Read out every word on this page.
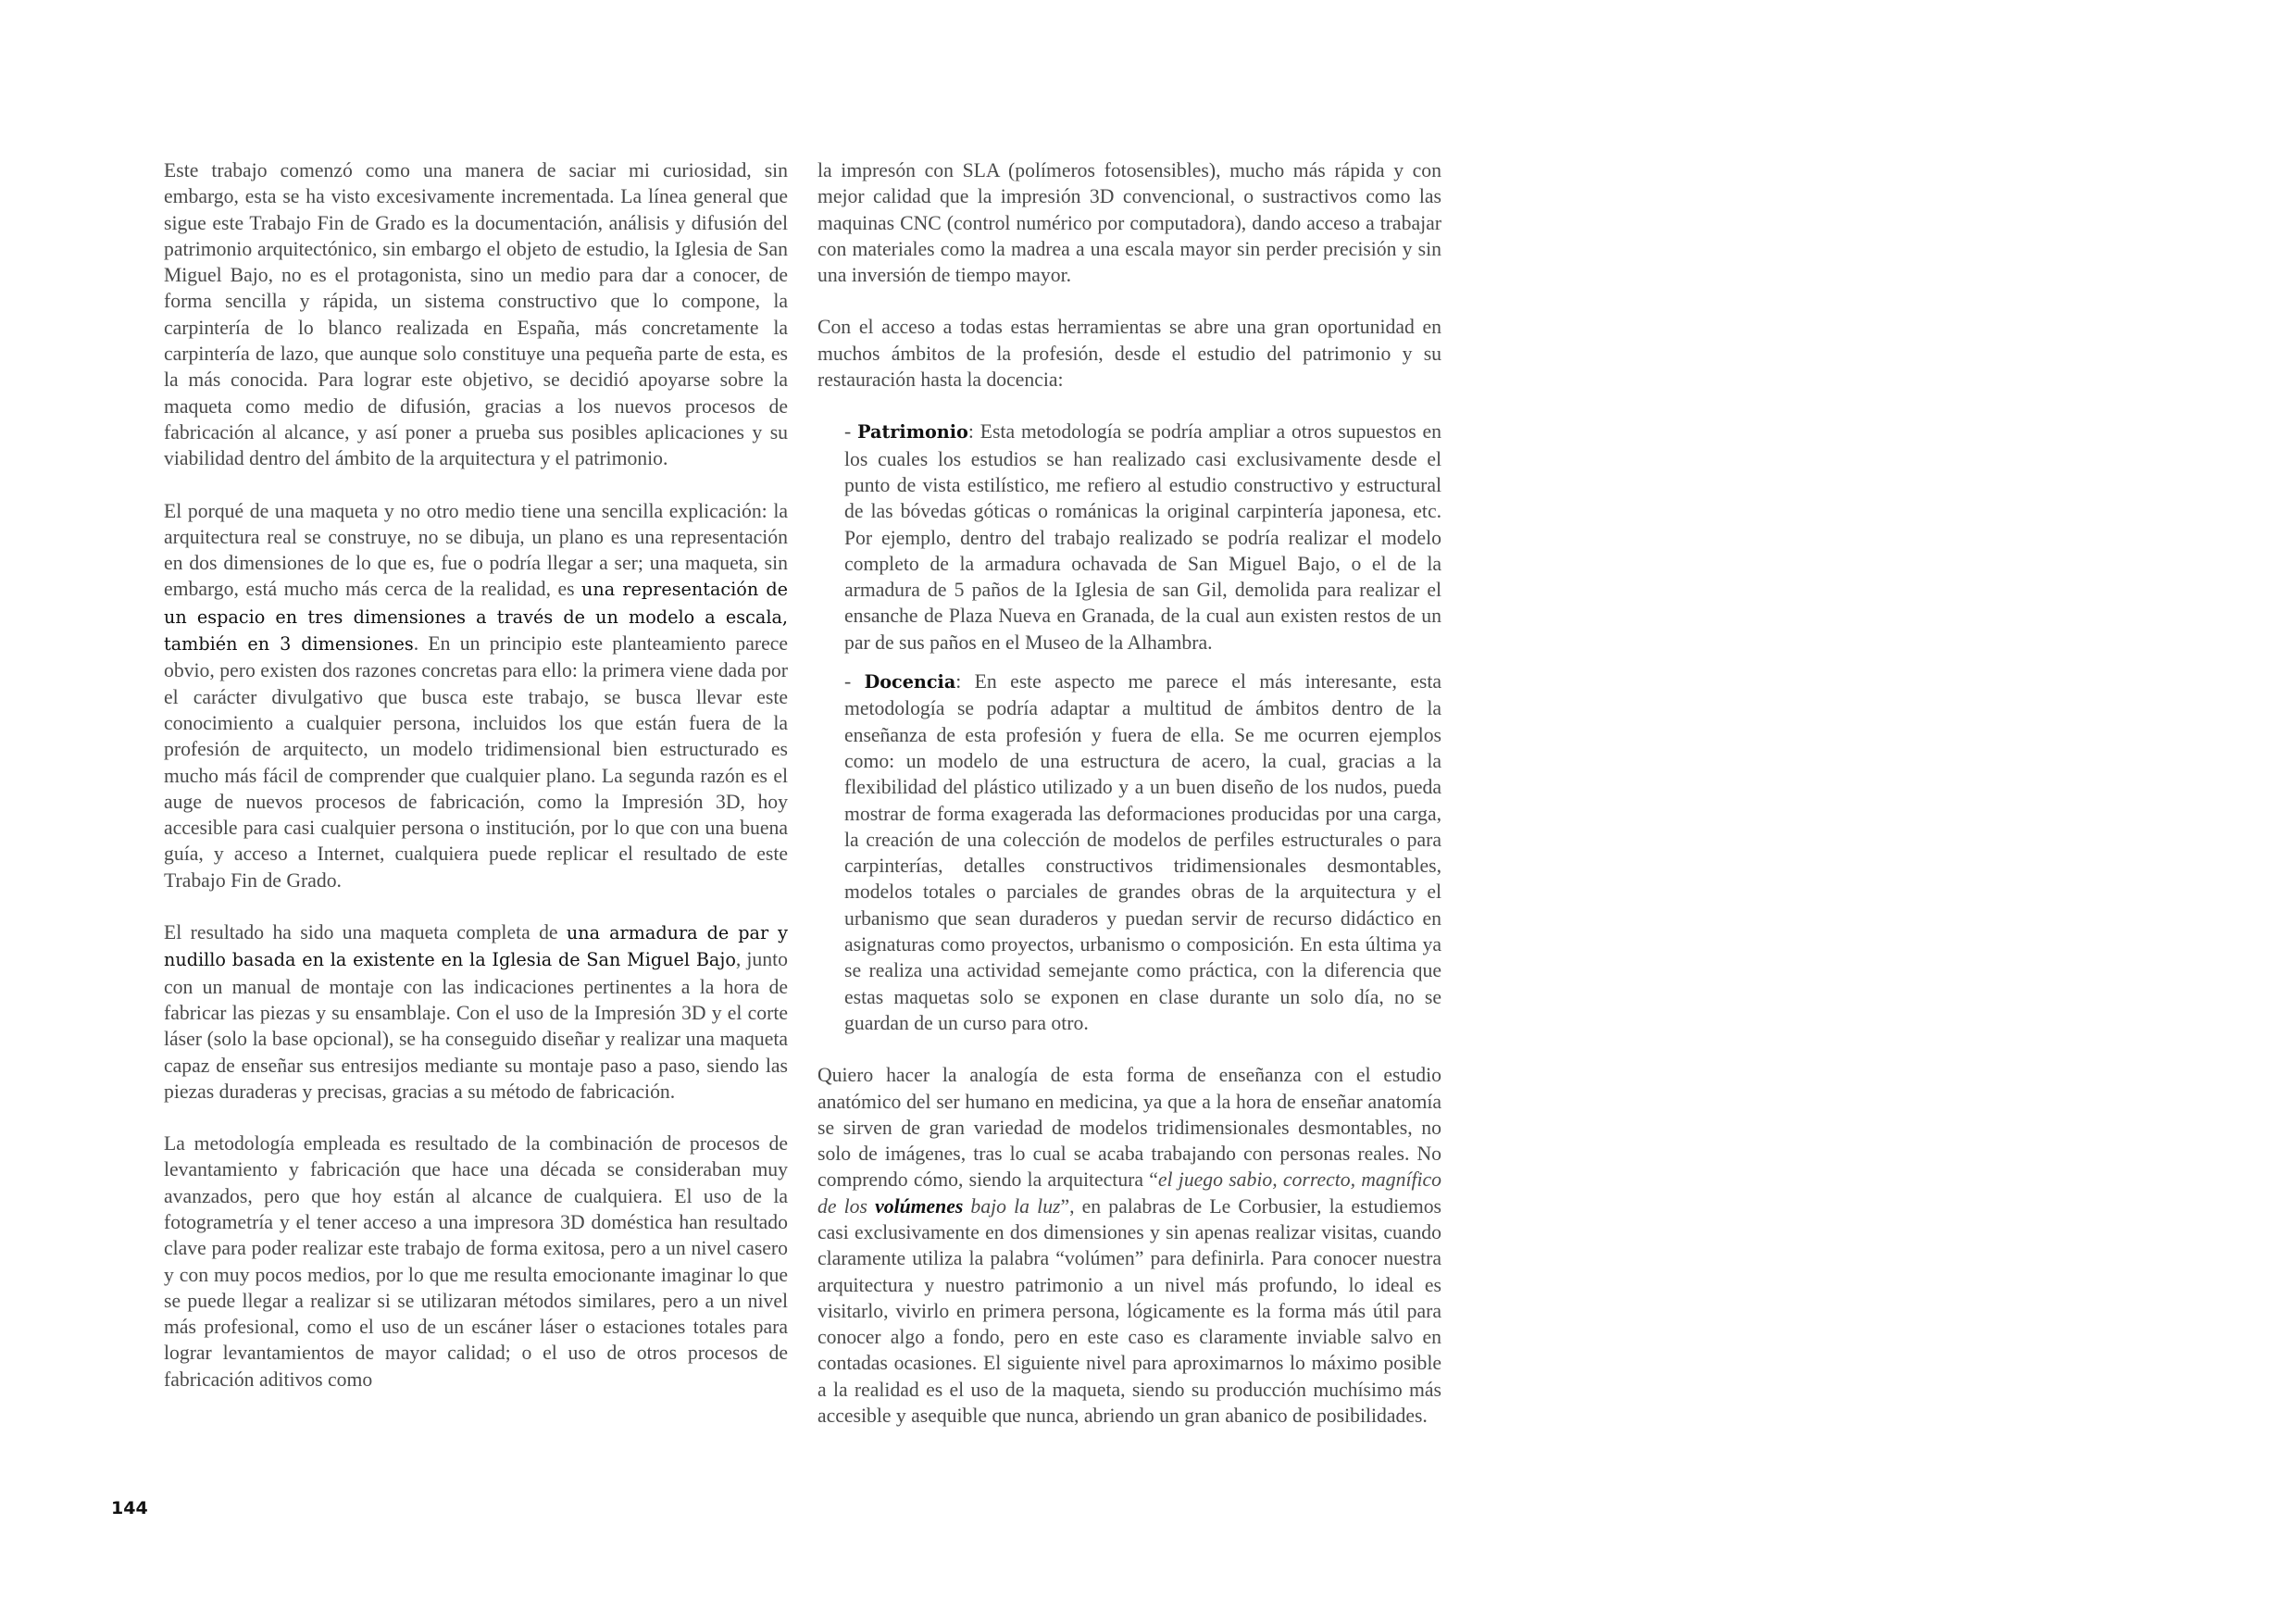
Este trabajo comenzó como una manera de saciar mi curiosidad, sin embargo, esta se ha visto excesivamente incrementada. La línea general que sigue este Trabajo Fin de Grado es la documentación, análisis y difusión del patrimonio arquitectónico, sin embargo el objeto de estudio, la Iglesia de San Miguel Bajo, no es el protagonista, sino un medio para dar a conocer, de forma sencilla y rápida, un sistema constructivo que lo compone, la carpintería de lo blanco realizada en España, más concretamente la carpintería de lazo, que aunque solo constituye una pequeña parte de esta, es la más conocida. Para lograr este objetivo, se decidió apoyarse sobre la maqueta como medio de difusión, gracias a los nuevos procesos de fabricación al alcance, y así poner a prueba sus posibles aplicaciones y su viabilidad dentro del ámbito de la arquitectura y el patrimonio.

El porqué de una maqueta y no otro medio tiene una sencilla explicación: la arquitectura real se construye, no se dibuja, un plano es una representación en dos dimensiones de lo que es, fue o podría llegar a ser; una maqueta, sin embargo, está mucho más cerca de la realidad, es una representación de un espacio en tres dimensiones a través de un modelo a escala, también en 3 dimensiones. En un principio este planteamiento parece obvio, pero existen dos razones concretas para ello: la primera viene dada por el carácter divulgativo que busca este trabajo, se busca llevar este conocimiento a cualquier persona, incluidos los que están fuera de la profesión de arquitecto, un modelo tridimensional bien estructurado es mucho más fácil de comprender que cualquier plano. La segunda razón es el auge de nuevos procesos de fabricación, como la Impresión 3D, hoy accesible para casi cualquier persona o institución, por lo que con una buena guía, y acceso a Internet, cualquiera puede replicar el resultado de este Trabajo Fin de Grado.

El resultado ha sido una maqueta completa de una armadura de par y nudillo basada en la existente en la Iglesia de San Miguel Bajo, junto con un manual de montaje con las indicaciones pertinentes a la hora de fabricar las piezas y su ensamblaje. Con el uso de la Impresión 3D y el corte láser (solo la base opcional), se ha conseguido diseñar y realizar una maqueta capaz de enseñar sus entresijos mediante su montaje paso a paso, siendo las piezas duraderas y precisas, gracias a su método de fabricación.

La metodología empleada es resultado de la combinación de procesos de levantamiento y fabricación que hace una década se consideraban muy avanzados, pero que hoy están al alcance de cualquiera. El uso de la fotogrametría y el tener acceso a una impresora 3D doméstica han resultado clave para poder realizar este trabajo de forma exitosa, pero a un nivel casero y con muy pocos medios, por lo que me resulta emocionante imaginar lo que se puede llegar a realizar si se utilizaran métodos similares, pero a un nivel más profesional, como el uso de un escáner láser o estaciones totales para lograr levantamientos de mayor calidad; o el uso de otros procesos de fabricación aditivos como

la impresón con SLA (polímeros fotosensibles), mucho más rápida y con mejor calidad que la impresión 3D convencional, o sustractivos como las maquinas CNC (control numérico por computadora), dando acceso a trabajar con materiales como la madrea a una escala mayor sin perder precisión y sin una inversión de tiempo mayor.

Con el acceso a todas estas herramientas se abre una gran oportunidad en muchos ámbitos de la profesión, desde el estudio del patrimonio y su restauración hasta la docencia:

- Patrimonio: Esta metodología se podría ampliar a otros supuestos en los cuales los estudios se han realizado casi exclusivamente desde el punto de vista estilístico, me refiero al estudio constructivo y estructural de las bóvedas góticas o románicas la original carpintería japonesa, etc. Por ejemplo, dentro del trabajo realizado se podría realizar el modelo completo de la armadura ochavada de San Miguel Bajo, o el de la armadura de 5 paños de la Iglesia de san Gil, demolida para realizar el ensanche de Plaza Nueva en Granada, de la cual aun existen restos de un par de sus paños en el Museo de la Alhambra.

- Docencia: En este aspecto me parece el más interesante, esta metodología se podría adaptar a multitud de ámbitos dentro de la enseñanza de esta profesión y fuera de ella. Se me ocurren ejemplos como: un modelo de una estructura de acero, la cual, gracias a la flexibilidad del plástico utilizado y a un buen diseño de los nudos, pueda mostrar de forma exagerada las deformaciones producidas por una carga, la creación de una colección de modelos de perfiles estructurales o para carpinterías, detalles constructivos tridimensionales desmontables, modelos totales o parciales de grandes obras de la arquitectura y el urbanismo que sean duraderos y puedan servir de recurso didáctico en asignaturas como proyectos, urbanismo o composición. En esta última ya se realiza una actividad semejante como práctica, con la diferencia que estas maquetas solo se exponen en clase durante un solo día, no se guardan de un curso para otro.

Quiero hacer la analogía de esta forma de enseñanza con el estudio anatómico del ser humano en medicina, ya que a la hora de enseñar anatomía se sirven de gran variedad de modelos tridimensionales desmontables, no solo de imágenes, tras lo cual se acaba trabajando con personas reales. No comprendo cómo, siendo la arquitectura “el juego sabio, correcto, magnífico de los volúmenes bajo la luz”, en palabras de Le Corbusier, la estudiemos casi exclusivamente en dos dimensiones y sin apenas realizar visitas, cuando claramente utiliza la palabra “volúmen” para definirla. Para conocer nuestra arquitectura y nuestro patrimonio a un nivel más profundo, lo ideal es visitarlo, vivirlo en primera persona, lógicamente es la forma más útil para conocer algo a fondo, pero en este caso es claramente inviable salvo en contadas ocasiones. El siguiente nivel para aproximarnos lo máximo posible a la realidad es el uso de la maqueta, siendo su producción muchísimo más accesible y asequible que nunca, abriendo un gran abanico de posibilidades.

144
